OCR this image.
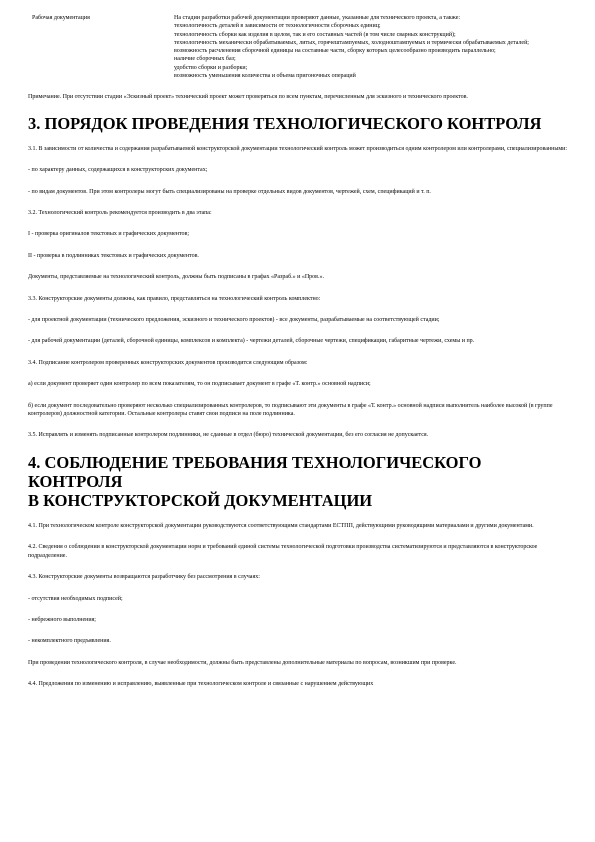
Рабочая документация	На стадии разработки рабочей документации проверяют данные, указанные для технического проекта, а также:
технологичность деталей в зависимости от технологичности сборочных единиц;
технологичность сборки как изделия в целом, так и его составных частей (в том числе сварных конструкций);
технологичность механически обрабатываемых, литых, горячештампуемых, холодноштампуемых и термически обрабатываемых деталей;
возможность расчленения сборочной единицы на составные части, сборку которых целесообразно производить параллельно;
наличие сборочных баз;
удобство сборки и разборки;
возможность уменьшения количества и объема пригоночных операций

Примечание. При отсутствии стадии «Эскизный проект» технический проект может проверяться по всем пунктам, перечисленным для эскизного и технического проектов.

3. ПОРЯДОК ПРОВЕДЕНИЯ ТЕХНОЛОГИЧЕСКОГО КОНТРОЛЯ

3.1. В зависимости от количества и содержания разрабатываемой конструкторской документации технологический контроль может производиться одним контролером или контролерами, специализированными:

- по характеру данных, содержащихся в конструкторских документах;

- по видам документов. При этом контролеры могут быть специализированы на проверке отдельных видов документов, чертежей, схем, спецификаций и т. п.

3.2. Технологический контроль рекомендуется производить в два этапа:

I - проверка оригиналов текстовых и графических документов;

II - проверка в подлинниках текстовых и графических документов.

Документы, представляемые на технологический контроль, должны быть подписаны в графах «Разраб.» и «Пров.».

3.3. Конструкторские документы должны, как правило, представляться на технологический контроль комплектно:

- для проектной документации (технического предложения, эскизного и технического проектов) - все документы, разрабатываемые на соответствующей стадии;

- для рабочей документации (деталей, сборочной единицы, комплексов и комплекта) - чертежи деталей, сборочные чертежи, спецификации, габаритные чертежи, схемы и пр.

3.4. Подписание контролером проверенных конструкторских документов производится следующим образом:

а) если документ проверяет один контролер по всем показателям, то он подписывает документ в графе «Т. контр.» основной надписи;

б) если документ последовательно проверяют несколько специализированных контролеров, то подписывают эти документы в графе «Т. контр.» основной надписи выполнитель наиболее высокой (в группе контролеров) должностной категории. Остальные контролеры ставят свои подписи на поле подлинника.

3.5. Исправлять и изменять подписанные контролером подлинники, не сданные в отдел (бюро) технической документации, без его согласия не допускается.

4. СОБЛЮДЕНИЕ ТРЕБОВАНИЯ ТЕХНОЛОГИЧЕСКОГО
КОНТРОЛЯ
В КОНСТРУКТОРСКОЙ ДОКУМЕНТАЦИИ

4.1. При технологическом контроле конструкторской документации руководствуются соответствующими стандартами ЕСТПП, действующими руководящими материалами и другими документами.

4.2. Сведения о соблюдении в конструкторской документации норм и требований единой системы технологической подготовки производства систематизируются и представляются в конструкторское подразделение.

4.3. Конструкторские документы возвращаются разработчику без рассмотрения в случаях:

- отсутствия необходимых подписей;

- небрежного выполнения;

- некомплектного предъявления.

При проведении технологического контроля, в случае необходимости, должны быть представлены дополнительные материалы по вопросам, возникшим при проверке.

4.4. Предложения по изменению и исправлению, выявленные при технологическом контроле и связанные с нарушением действующих
